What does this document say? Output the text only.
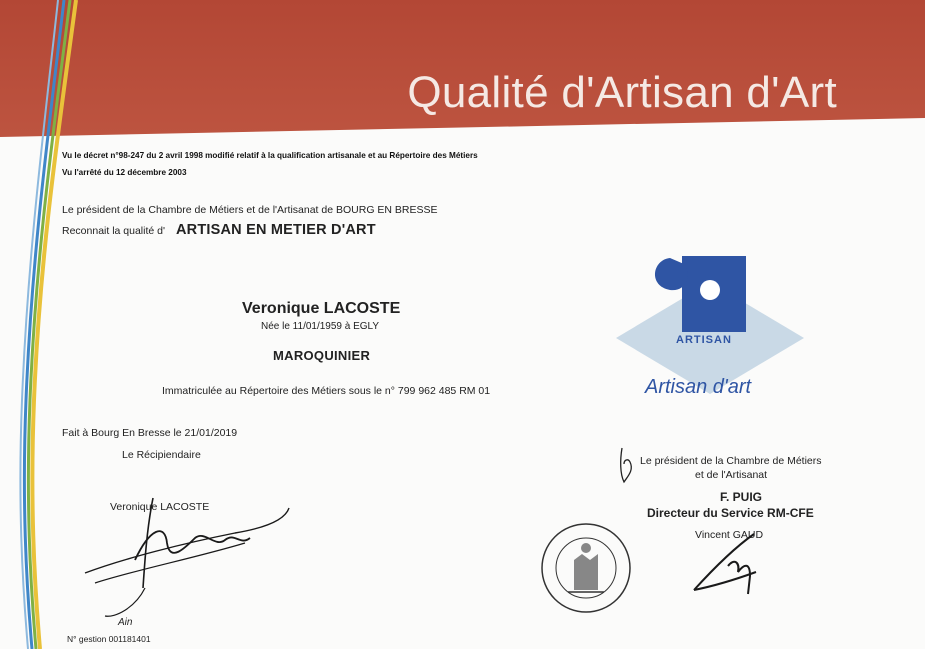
Qualité d'Artisan d'Art
Vu le décret n°98-247 du 2 avril 1998 modifié relatif à la qualification artisanale et au Répertoire des Métiers
Vu l'arrêté du 12 décembre 2003
Le président de la Chambre de Métiers et de l'Artisanat de BOURG EN BRESSE
Reconnait la qualité d' ARTISAN EN METIER D'ART
Veronique LACOSTE
Née le 11/01/1959 à EGLY
MAROQUINIER
Immatriculée au Répertoire des Métiers sous le n° 799 962 485 RM 01
Fait à Bourg En Bresse le 21/01/2019
Le Récipiendaire
Veronique LACOSTE
Ain
N° gestion 001181401
ARTISAN
Artisan d'art
Le président de la Chambre de Métiers
et de l'Artisanat
F. PUIG
Directeur du Service RM-CFE
Vincent GAUD
